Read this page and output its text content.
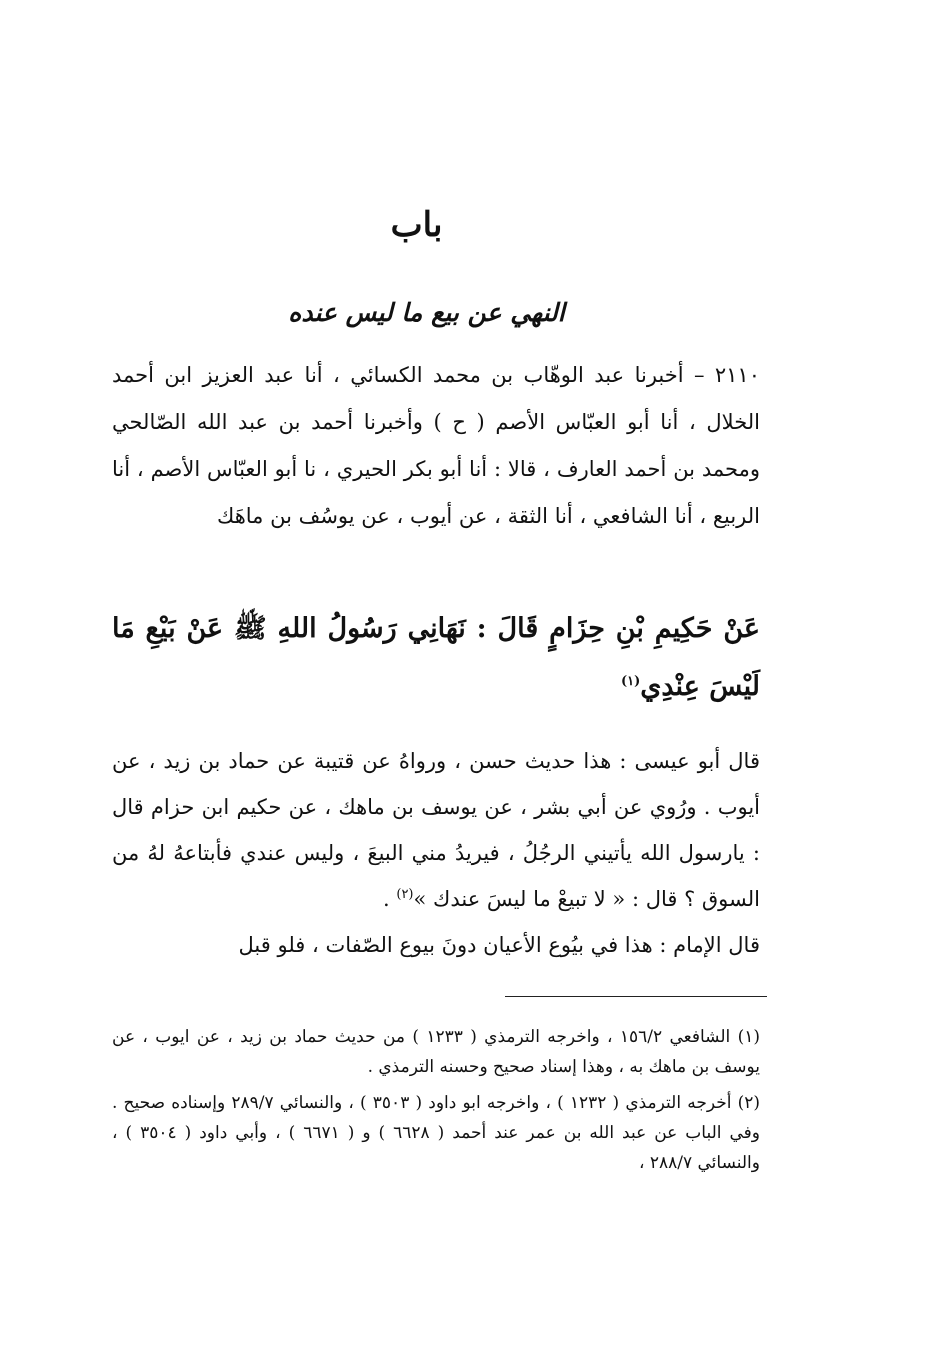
باب
النهي عن بيع ما ليس عنده

٢١١٠ – أخبرنا عبد الوهّاب بن محمد الكسائي ، أنا عبد العزيز ابن أحمد الخلال ، أنا أبو العبّاس الأصم ( ح ) وأخبرنا أحمد بن عبد الله الصّالحي ومحمد بن أحمد العارف ، قالا : أنا أبو بكر الحيري ، نا أبو العبّاس الأصم ، أنا الربيع ، أنا الشافعي ، أنا الثقة ، عن أيوب ، عن يوسُف بن ماهَك

عَنْ حَكِيمِ بْنِ حِزَامٍ قَالَ : نَهَانِي رَسُولُ اللهِ ﷺ عَنْ بَيْعِ مَا لَيْسَ عِنْدِي$^{(١)}$

قال أبو عيسى : هذا حديث حسن ، ورواهُ عن قتيبة عن حماد بن زيد ، عن أيوب . ورُوي عن أبي بشر ، عن يوسف بن ماهك ، عن حكيم ابن حزام قال : يارسول الله يأتيني الرجُلُ ، فيريدُ مني البيعَ ، وليس عندي فأبتاعهُ لهُ من السوق ؟ قال : « لا تبيعْ ما ليسَ عندك »$^{(٢)}$ .

قال الإمام : هذا في بيُوع الأعيان دونَ بيوع الصّفات ، فلو قبل

(١) الشافعي ١٥٦/٢ ، واخرجه الترمذي ( ١٢٣٣ ) من حديث حماد بن زيد ، عن ايوب ، عن يوسف بن ماهك به ، وهذا إسناد صحيح وحسنه الترمذي .

(٢) أخرجه الترمذي ( ١٢٣٢ ) ، واخرجه ابو داود ( ٣٥٠٣ ) ، والنسائي ٢٨٩/٧ وإسناده صحيح . وفي الباب عن عبد الله بن عمر عند أحمد ( ٦٦٢٨ ) و ( ٦٦٧١ ) ، وأبي داود ( ٣٥٠٤ ) ، والنسائي ٢٨٨/٧ ،
